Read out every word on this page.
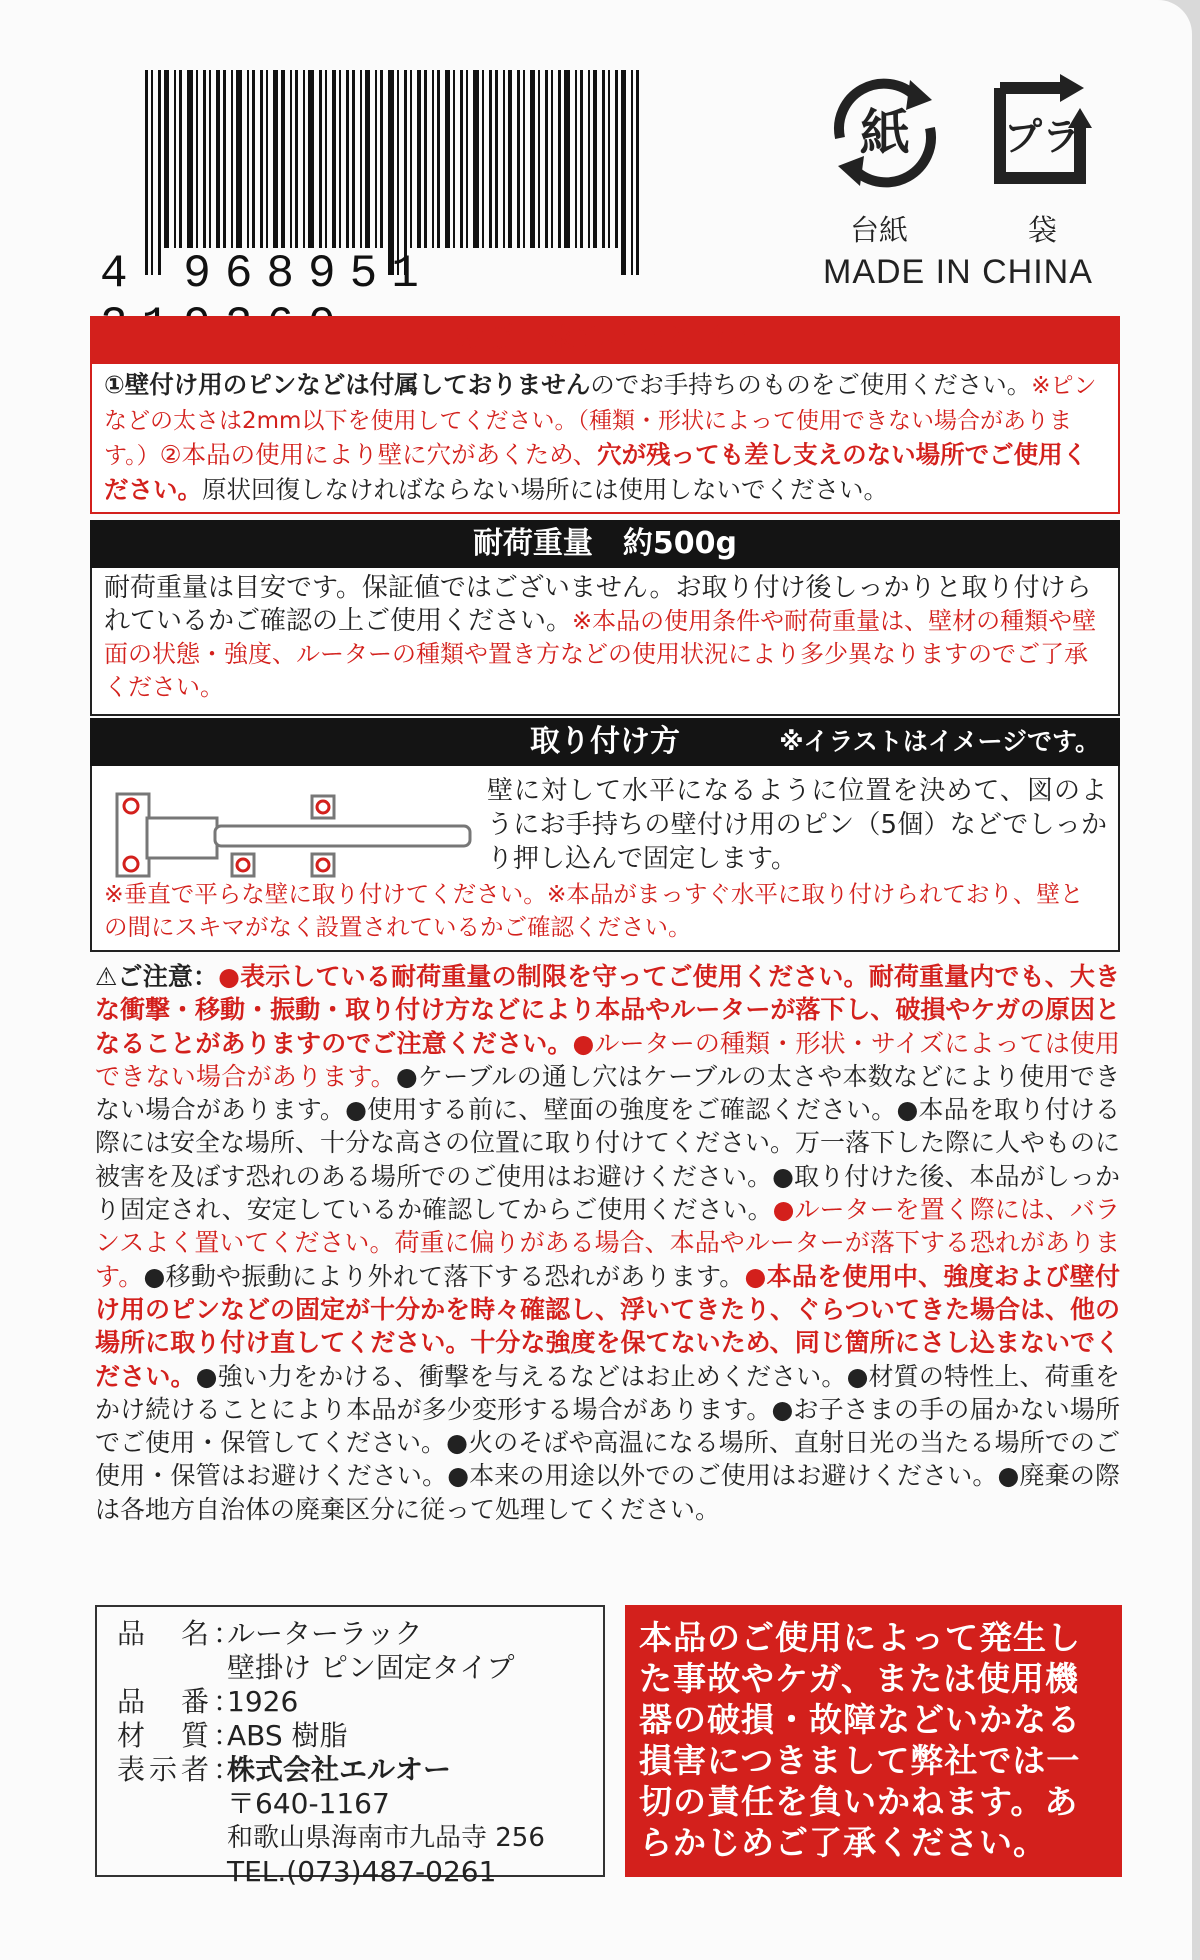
4 968951
紙 プラ
台紙	袋
MADE IN CHINA
お買い求めになる前に
①壁付け用のピンなどは付属しておりませんのでお手持ちのものをご使用ください。※ピンなどの太さは2mm以下を使用してください。（種類・形状によって使用できない場合があります。）②本品の使用により壁に穴があくため、穴が残っても差し支えのない場所でご使用ください。原状回復しなければならない場所には使用しないでください。
耐荷重量　約500g
耐荷重量は目安です。保証値ではございません。お取り付け後しっかりと取り付けられているかご確認の上ご使用ください。※本品の使用条件や耐荷重量は、壁材の種類や壁面の状態・強度、ルーターの種類や置き方などの使用状況により多少異なりますのでご了承ください。
取り付け方	※イラストはイメージです。
壁に対して水平になるように位置を決めて、図のようにお手持ちの壁付け用のピン（5個）などでしっかり押し込んで固定します。
※垂直で平らな壁に取り付けてください。※本品がまっすぐ水平に取り付けられており、壁との間にスキマがなく設置されているかご確認ください。
⚠ご注意：●表示している耐荷重量の制限を守ってご使用ください。耐荷重量内でも、大きな衝撃・移動・振動・取り付け方などにより本品やルーターが落下し、破損やケガの原因となることがありますのでご注意ください。●ルーターの種類・形状・サイズによっては使用できない場合があります。●ケーブルの通し穴はケーブルの太さや本数などにより使用できない場合があります。●使用する前に、壁面の強度をご確認ください。●本品を取り付ける際には安全な場所、十分な高さの位置に取り付けてください。万一落下した際に人やものに被害を及ぼす恐れのある場所でのご使用はお避けください。●取り付けた後、本品がしっかり固定され、安定しているか確認してからご使用ください。●ルーターを置く際には、バランスよく置いてください。荷重に偏りがある場合、本品やルーターが落下する恐れがあります。●移動や振動により外れて落下する恐れがあります。●本品を使用中、強度および壁付け用のピンなどの固定が十分かを時々確認し、浮いてきたり、ぐらついてきた場合は、他の場所に取り付け直してください。十分な強度を保てないため、同じ箇所にさし込まないでください。●強い力をかける、衝撃を与えるなどはお止めください。●材質の特性上、荷重をかけ続けることにより本品が多少変形する場合があります。●お子さまの手の届かない場所でご使用・保管してください。●火のそばや高温になる場所、直射日光の当たる場所でのご使用・保管はお避けください。●本来の用途以外でのご使用はお避けください。●廃棄の際は各地方自治体の廃棄区分に従って処理してください。
品　名：
ルーターラック
壁掛け ピン固定タイプ
品　番：
1926
材　質：
ABS 樹脂
表示者：
株式会社エルオー
〒640-1167
和歌山県海南市九品寺 256
TEL.(073)487-0261
本品のご使用によって発生した事故やケガ、または使用機器の破損・故障などいかなる損害につきまして弊社では一切の責任を負いかねます。あらかじめご了承ください。
